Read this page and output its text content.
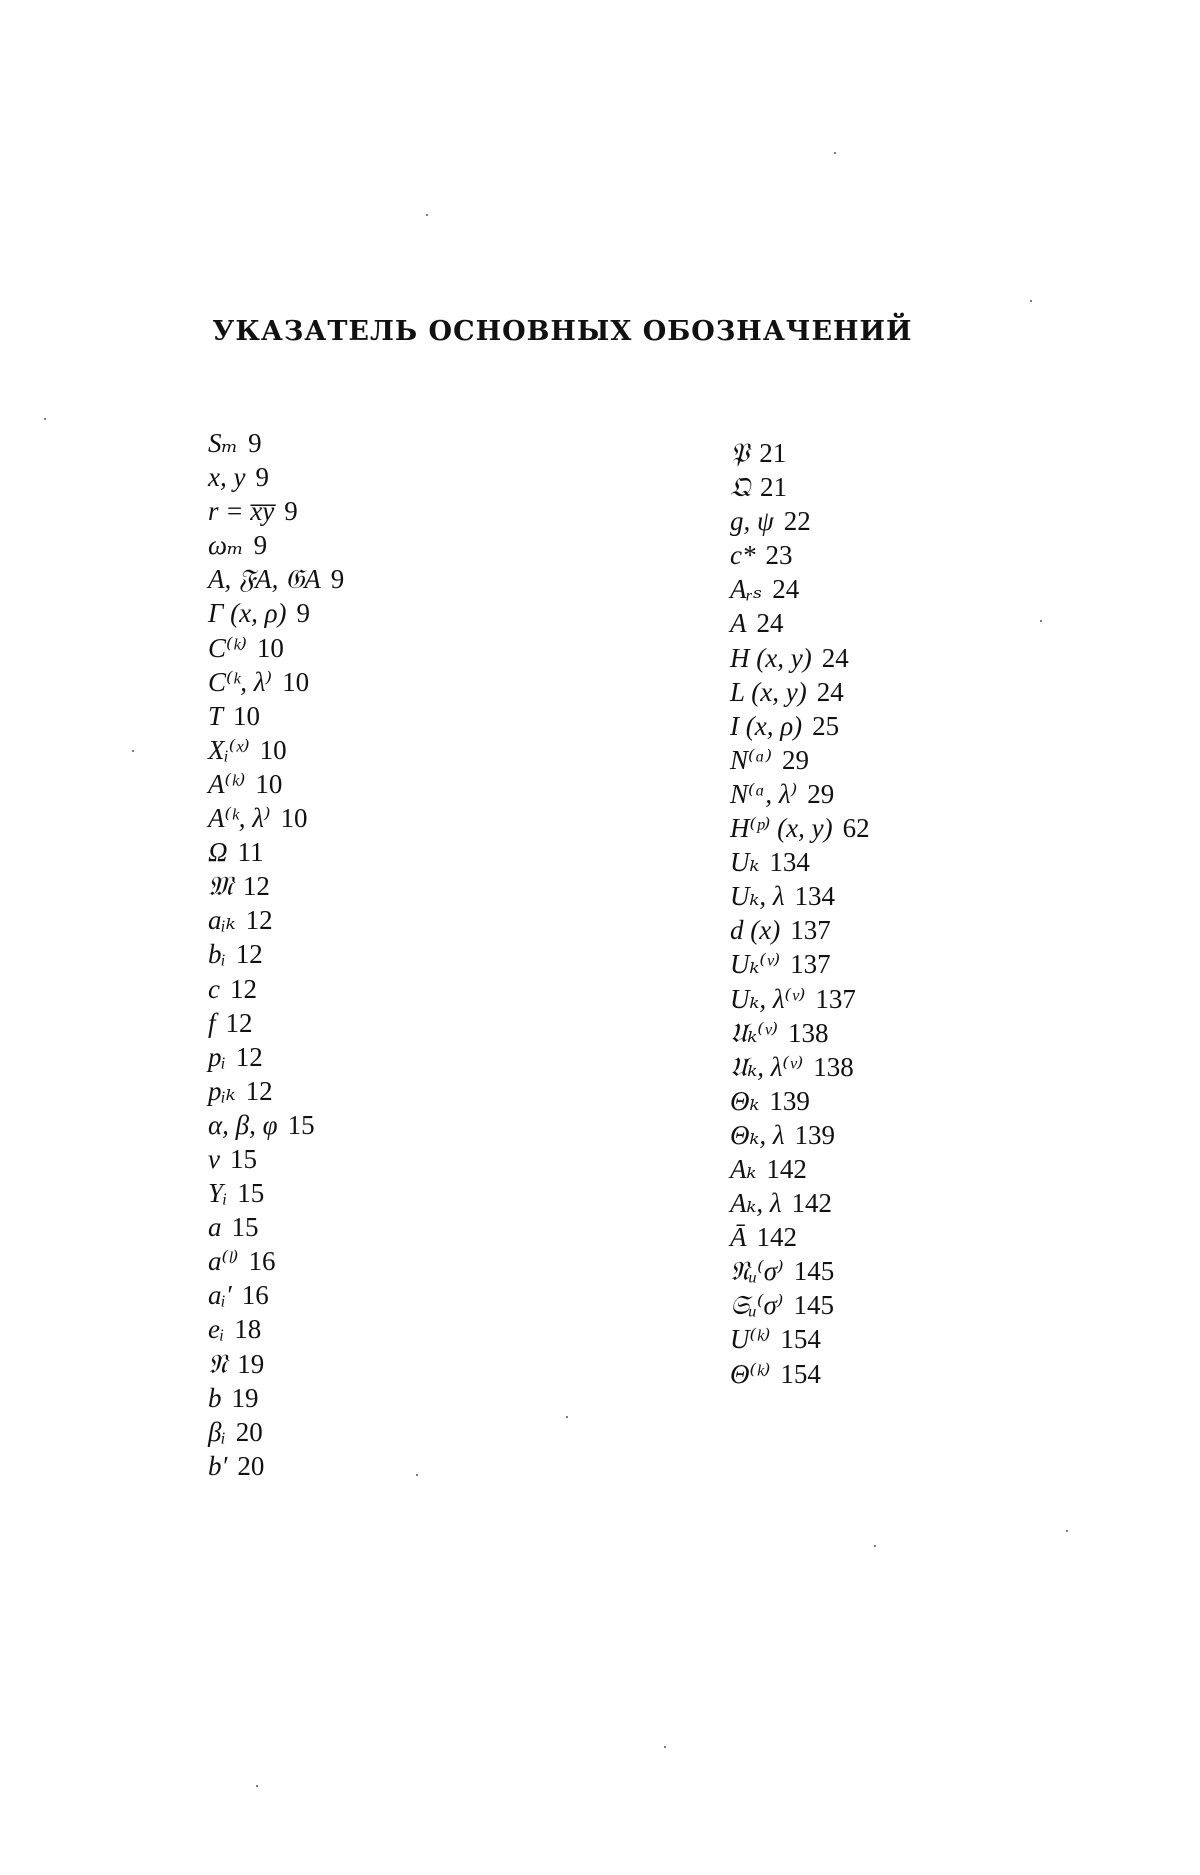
УКАЗАТЕЛЬ ОСНОВНЫХ ОБОЗНАЧЕНИЙ
Sₘ 9
x, y 9
r = x̅y̅ 9
ωₘ 9
A, 𝔉A, 𝔊A 9
Γ (x, ρ) 9
C⁽ᵏ⁾ 10
C⁽ᵏ, λ⁾ 10
T 10
Xᵢ⁽ˣ⁾ 10
A⁽ᵏ⁾ 10
A⁽ᵏ, λ⁾ 10
Ω 11
𝔐 12
aᵢₖ 12
bᵢ 12
c 12
f 12
pᵢ 12
pᵢₖ 12
α, β, φ 15
ν 15
Yᵢ 15
a 15
a⁽ˡ⁾ 16
aᵢ′ 16
eᵢ 18
𝔑 19
b 19
βᵢ 20
b′ 20
𝔓 21
𝔔 21
g, ψ 22
c* 23
Aᵣₛ 24
A 24
H (x, y) 24
L (x, y) 24
I (x, ρ) 25
N⁽ᵅ⁾ 29
N⁽ᵅ, λ⁾ 29
H⁽ᵖ⁾ (x, y) 62
Uₖ 134
Uₖ, λ 134
d (x) 137
Uₖ⁽ᵛ⁾ 137
Uₖ, λ⁽ᵛ⁾ 137
𝔘ₖ⁽ᵛ⁾ 138
𝔘ₖ, λ⁽ᵛ⁾ 138
Θₖ 139
Θₖ, λ 139
Aₖ 142
Aₖ, λ 142
Ā 142
𝔑ᵤ⁽σ⁾ 145
𝔖ᵤ⁽σ⁾ 145
U⁽ᵏ⁾ 154
Θ⁽ᵏ⁾ 154
